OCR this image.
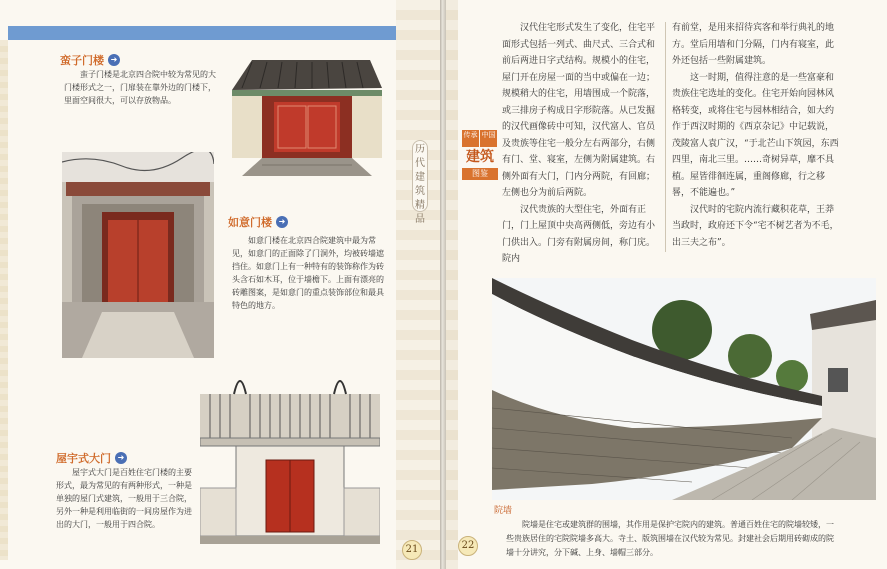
历代建筑精品
蛮子门楼 ➜
蛮子门楼是北京四合院中较为常见的大门楼形式之一，门扉装在靠外边的门楼下，里面空间很大，可以存放物品。
如意门楼 ➜
如意门楼在北京四合院建筑中最为常见，如意门的正面除了门洞外，均被砖墙遮挡住。如意门上有一种特有的装饰称作为砖头含石如木耳，位于墙檐下。上面有漂亮的砖雕图案，是如意门的重点装饰部位和最具特色的地方。
屋宇式大门 ➜
屋宇式大门是百姓住宅门楼的主要形式，最为常见的有两种形式，一种是单独的屋门式建筑，一般用于三合院，另外一种是利用临街的一间房屋作为进出的大门，一般用于四合院。
21
传承 中国
建筑
图鉴

汉代住宅形式发生了变化，住宅平面形式包括一列式、曲尺式、三合式和前后两进日字式结构。规模小的住宅，屋门开在房屋一面的当中或偏在一边；规模稍大的住宅，用墙围成一个院落，或三排房子构成日字形院落。从已发掘的汉代画像砖中可知，汉代富人、官员及贵族等住宅一般分左右两部分，右侧有门、堂、寝室，左侧为附属建筑。右侧外面有大门，门内分两院，有回廊；左侧也分为前后两院。

汉代贵族的大型住宅，外面有正门，门上屋顶中央高两侧低，旁边有小门供出入。门旁有附属房间，称门庑。院内

有前堂，是用来招待宾客和举行典礼的地方。堂后用墙和门分隔，门内有寝室，此外还包括一些附属建筑。

这一时期，值得注意的是一些富豪和贵族住宅选址的变化。住宅开始向园林风格转变，或将住宅与园林相结合，如大约作于西汉时期的《西京杂记》中记载说，茂陵富人袁广汉，“于北芒山下筑园，东西四里，南北三里。……奇树异草，靡不具植。屋皆徘徊连属，重阁修廊，行之移晷，不能遍也。”

汉代时的宅院内流行藏积花草，王莽当政时，政府还下令“宅不树艺者为不毛，出三夫之布”。

院墙
院墙是住宅或建筑群的围墙，其作用是保护宅院内的建筑。普通百姓住宅的院墙较矮，一些贵族居住的宅院院墙多高大。寺土、版筑围墙在汉代较为常见。封建社会后期用砖砌成的院墙十分讲究，分下碱、上身、墙帽三部分。
22
